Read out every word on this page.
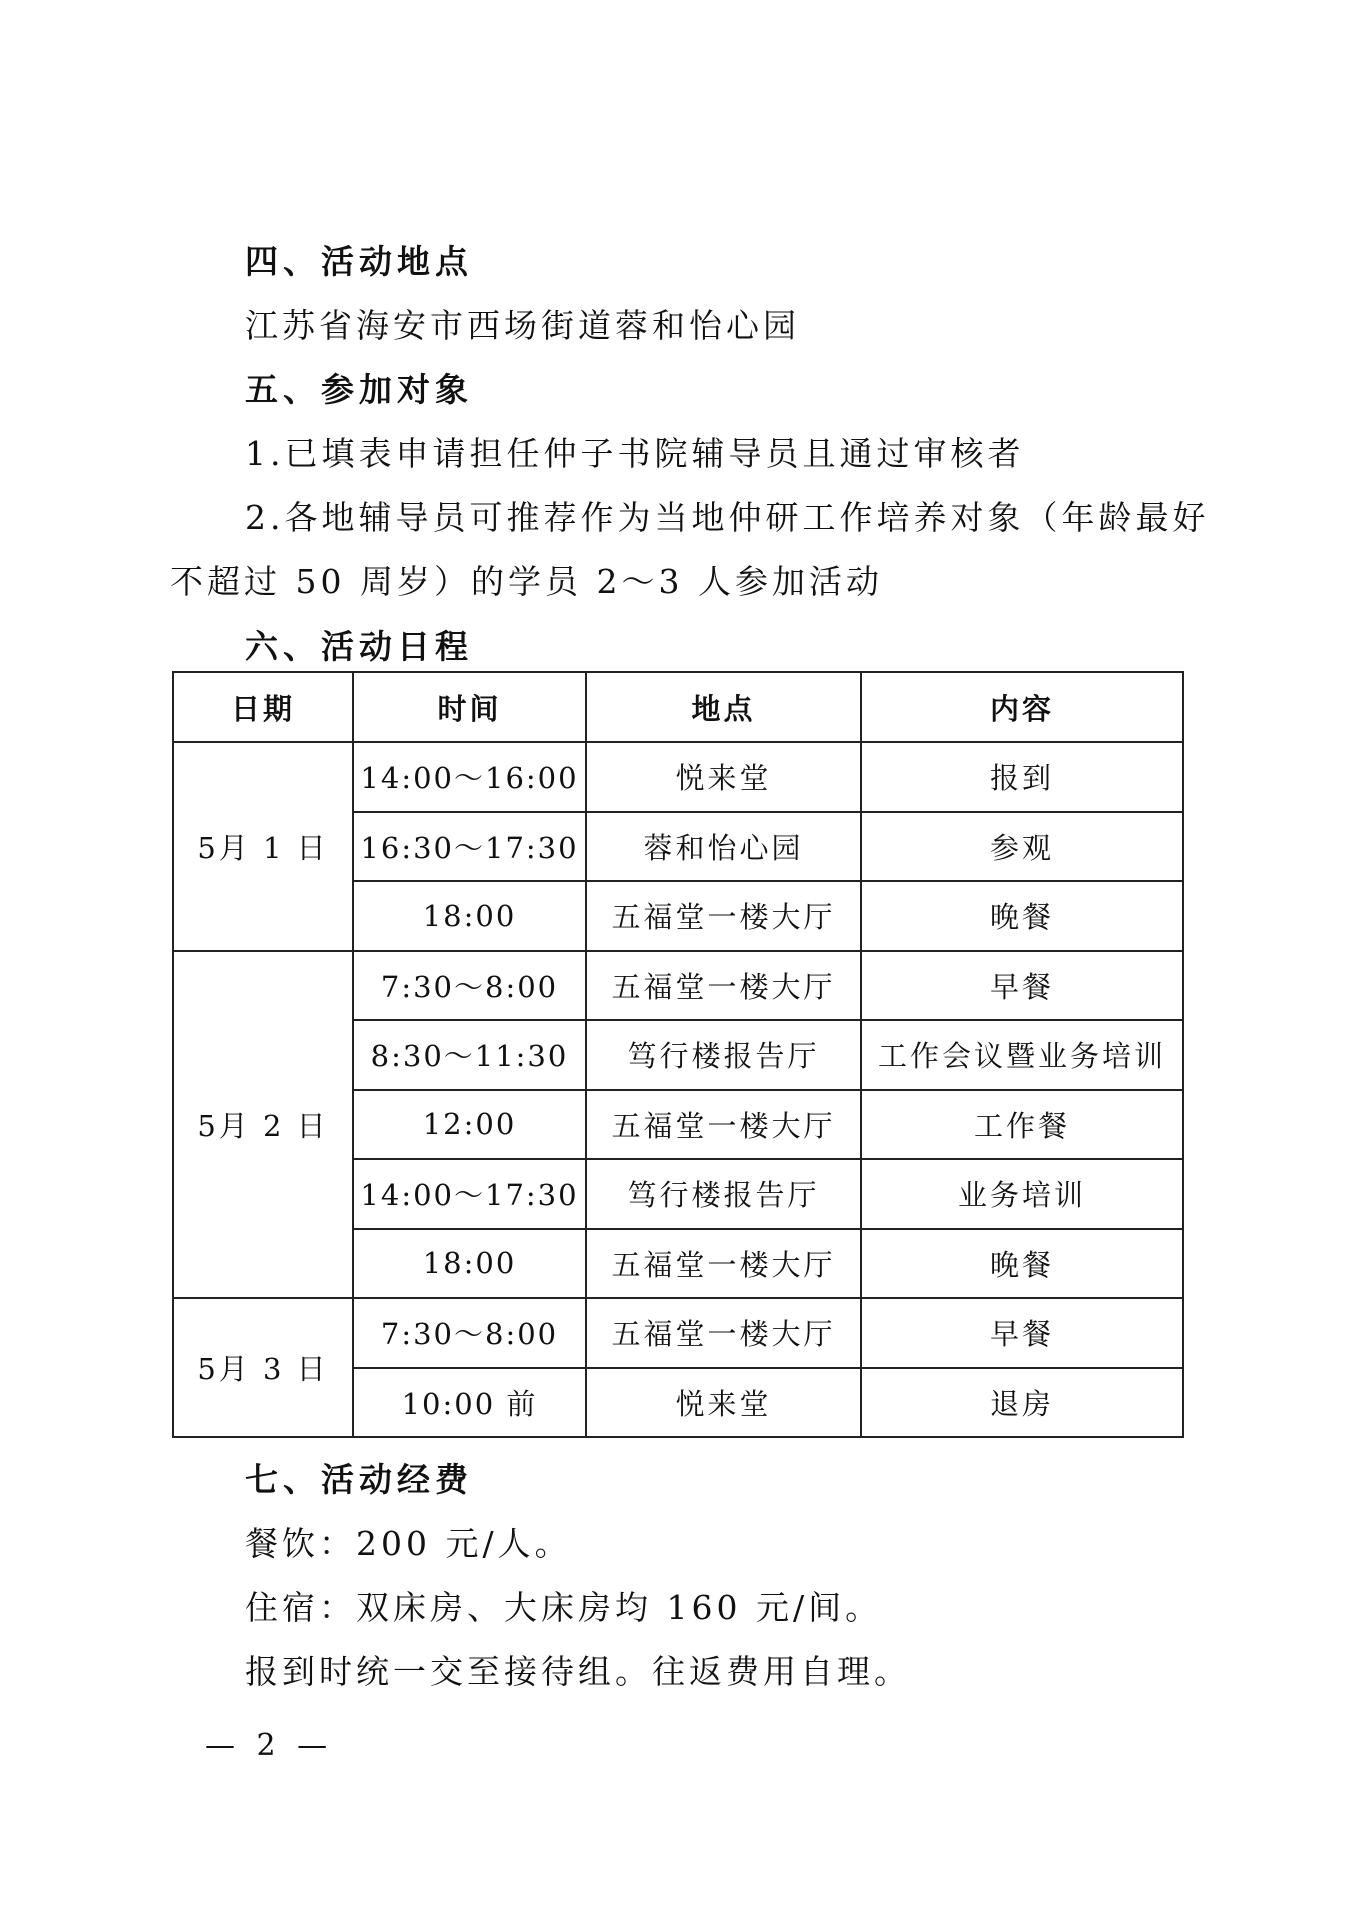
四、活动地点
江苏省海安市西场街道蓉和怡心园
五、参加对象
1.已填表申请担任仲子书院辅导员且通过审核者
2.各地辅导员可推荐作为当地仲研工作培养对象（年龄最好
不超过 50 周岁）的学员 2～3 人参加活动
六、活动日程
日期	时间	地点	内容
5月 1 日	14:00～16:00	悦来堂	报到
	16:30～17:30	蓉和怡心园	参观
	18:00	五福堂一楼大厅	晚餐
5月 2 日	7:30～8:00	五福堂一楼大厅	早餐
	8:30～11:30	笃行楼报告厅	工作会议暨业务培训
	12:00	五福堂一楼大厅	工作餐
	14:00～17:30	笃行楼报告厅	业务培训
	18:00	五福堂一楼大厅	晚餐
5月 3 日	7:30～8:00	五福堂一楼大厅	早餐
	10:00 前	悦来堂	退房
七、活动经费
餐饮：200 元/人。
住宿：双床房、大床房均 160 元/间。
报到时统一交至接待组。往返费用自理。
— 2 —
